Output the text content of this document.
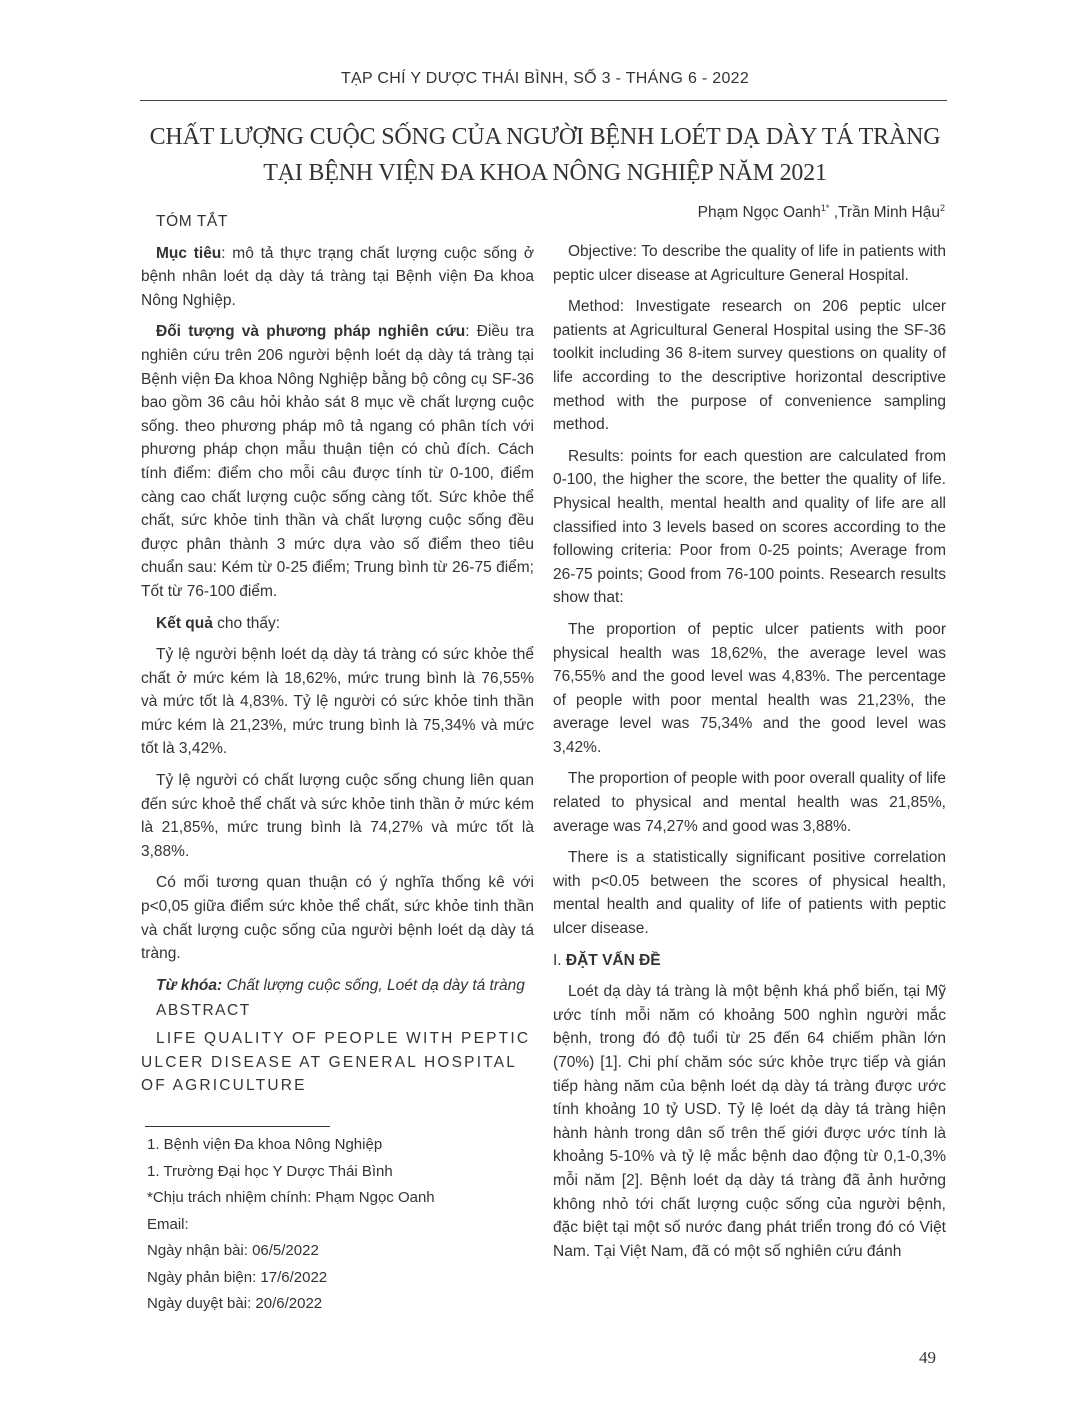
TẠP CHÍ Y DƯỢC THÁI BÌNH, SỐ 3 - THÁNG 6 - 2022
CHẤT LƯỢNG CUỘC SỐNG CỦA NGƯỜI BỆNH LOÉT DẠ DÀY TÁ TRÀNG
TẠI BỆNH VIỆN ĐA KHOA NÔNG NGHIỆP NĂM 2021
Phạm Ngọc Oanh$^{1*}$ ,Trần Minh Hậu$^2$
TÓM TẮT

Mục tiêu: mô tả thực trạng chất lượng cuộc sống ở bệnh nhân loét dạ dày tá tràng tại Bệnh viện Đa khoa Nông Nghiệp.

Đối tượng và phương pháp nghiên cứu: Điều tra nghiên cứu trên 206 người bệnh loét dạ dày tá tràng tại Bệnh viện Đa khoa Nông Nghiệp bằng bộ công cụ SF-36 bao gồm 36 câu hỏi khảo sát 8 mục về chất lượng cuộc sống. theo phương pháp mô tả ngang có phân tích với phương pháp chọn mẫu thuận tiện có chủ đích. Cách tính điểm: điểm cho mỗi câu được tính từ 0-100, điểm càng cao chất lượng cuộc sống càng tốt. Sức khỏe thể chất, sức khỏe tinh thần và chất lượng cuộc sống đều được phân thành 3 mức dựa vào số điểm theo tiêu chuẩn sau: Kém từ 0-25 điểm; Trung bình từ 26-75 điểm; Tốt từ 76-100 điểm.

Kết quả cho thấy:

Tỷ lệ người bệnh loét dạ dày tá tràng có sức khỏe thể chất ở mức kém là 18,62%, mức trung bình là 76,55% và mức tốt là 4,83%. Tỷ lệ người có sức khỏe tinh thần mức kém là 21,23%, mức trung bình là 75,34% và mức tốt là 3,42%.

Tỷ lệ người có chất lượng cuộc sống chung liên quan đến sức khoẻ thể chất và sức khỏe tinh thần ở mức kém là 21,85%, mức trung bình là 74,27% và mức tốt là 3,88%.

Có mối tương quan thuận có ý nghĩa thống kê với p<0,05 giữa điểm sức khỏe thể chất, sức khỏe tinh thần và chất lượng cuộc sống của người bệnh loét dạ dày tá tràng.

Từ khóa: Chất lượng cuộc sống, Loét dạ dày tá tràng

ABSTRACT
LIFE QUALITY OF PEOPLE WITH PEPTIC ULCER DISEASE AT GENERAL HOSPITAL OF AGRICULTURE

Objective: To describe the quality of life in patients with peptic ulcer disease at Agriculture General Hospital.

Method: Investigate research on 206 peptic ulcer patients at Agricultural General Hospital using the SF-36 toolkit including 36 8-item survey questions on quality of life according to the descriptive horizontal descriptive method with the purpose of convenience sampling method.

Results: points for each question are calculated from 0-100, the higher the score, the better the quality of life. Physical health, mental health and quality of life are all classified into 3 levels based on scores according to the following criteria: Poor from 0-25 points; Average from 26-75 points; Good from 76-100 points. Research results show that:

The proportion of peptic ulcer patients with poor physical health was 18,62%, the average level was 76,55% and the good level was 4,83%. The percentage of people with poor mental health was 21,23%, the average level was 75,34% and the good level was 3,42%.

The proportion of people with poor overall quality of life related to physical and mental health was 21,85%, average was 74,27% and good was 3,88%.

There is a statistically significant positive correlation with p<0.05 between the scores of physical health, mental health and quality of life of patients with peptic ulcer disease.

I. ĐẶT VẤN ĐỀ

Loét dạ dày tá tràng là một bệnh khá phổ biến, tại Mỹ ước tính mỗi năm có khoảng 500 nghìn người mắc bệnh, trong đó độ tuổi từ 25 đến 64 chiếm phần lớn (70%) [1]. Chi phí chăm sóc sức khỏe trực tiếp và gián tiếp hàng năm của bệnh loét dạ dày tá tràng được ước tính khoảng 10 tỷ USD. Tỷ lệ loét dạ dày tá tràng hiện hành hành trong dân số trên thế giới được ước tính là khoảng 5-10% và tỷ lệ mắc bệnh dao động từ 0,1-0,3% mỗi năm [2]. Bệnh loét dạ dày tá tràng đã ảnh hưởng không nhỏ tới chất lượng cuộc sống của người bệnh, đặc biệt tại một số nước đang phát triển trong đó có Việt Nam. Tại Việt Nam, đã có một số nghiên cứu đánh

1. Bệnh viện Đa khoa Nông Nghiệp
1. Trường Đại học Y Dược Thái Bình
*Chịu trách nhiệm chính: Phạm Ngọc Oanh
Email:
Ngày nhận bài: 06/5/2022
Ngày phản biện: 17/6/2022
Ngày duyệt bài: 20/6/2022
49
